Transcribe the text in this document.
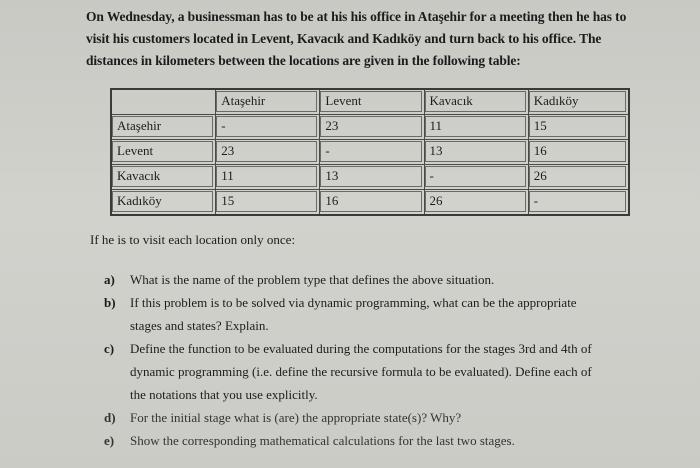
On Wednesday, a businessman has to be at his his office in Ataşehir for a meeting then he has to
visit his customers located in Levent, Kavacık and Kadıköy and turn back to his office. The
distances in kilometers between the locations are given in the following table:

	Ataşehir	Levent	Kavacık	Kadıköy

Ataşehir	-	23	11	15

Levent	23	-	13	16

Kavacık	11	13	-	26

Kadıköy	15	16	26	-
If he is to visit each location only once:
a)	What is the name of the problem type that defines the above situation.
b)	If this problem is to be solved via dynamic programming, what can be the appropriate
stages and states? Explain.
c)	Define the function to be evaluated during the computations for the stages 3rd and 4th of
dynamic programming (i.e. define the recursive formula to be evaluated). Define each of
the notations that you use explicitly.
d)	For the initial stage what is (are) the appropriate state(s)? Why?
e)	Show the corresponding mathematical calculations for the last two stages.
